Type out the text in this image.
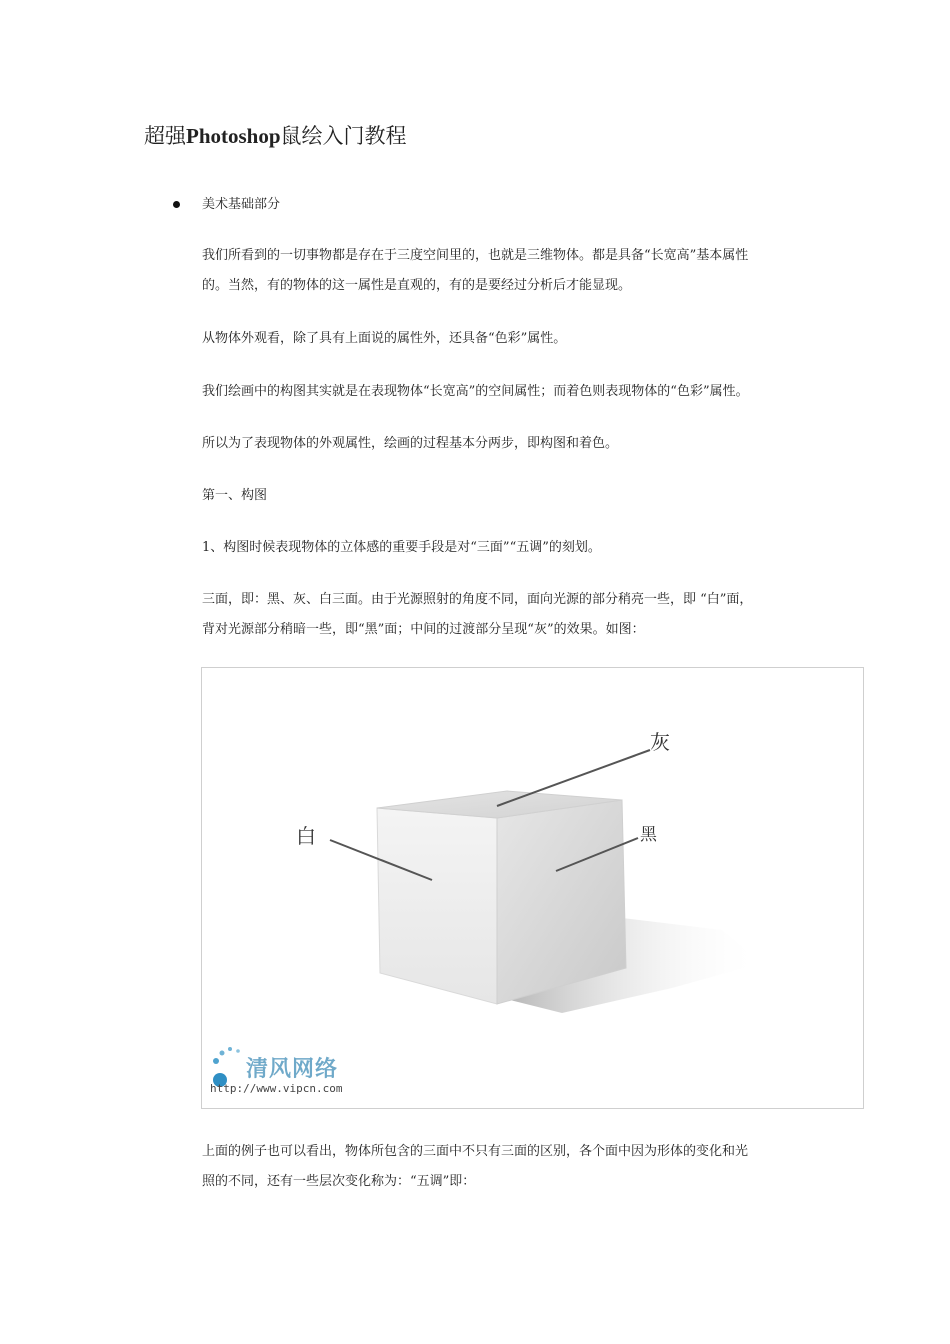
超强Photoshop鼠绘入门教程
美术基础部分

我们所看到的一切事物都是存在于三度空间里的，也就是三维物体。都是具备“长宽高”基本属性
的。当然，有的物体的这一属性是直观的，有的是要经过分析后才能显现。

从物体外观看，除了具有上面说的属性外，还具备“色彩”属性。

我们绘画中的构图其实就是在表现物体“长宽高”的空间属性；而着色则表现物体的“色彩”属性。

所以为了表现物体的外观属性，绘画的过程基本分两步，即构图和着色。

第一、构图

1、构图时候表现物体的立体感的重要手段是对“三面”“五调”的刻划。

三面，即：黑、灰、白三面。由于光源照射的角度不同，面向光源的部分稍亮一些，即 “白”面，
背对光源部分稍暗一些，即“黑”面；中间的过渡部分呈现“灰”的效果。如图：

灰
白	黑
清风网络
http://www.vipcn.com

上面的例子也可以看出，物体所包含的三面中不只有三面的区别，各个面中因为形体的变化和光
照的不同，还有一些层次变化称为：“五调”即：
